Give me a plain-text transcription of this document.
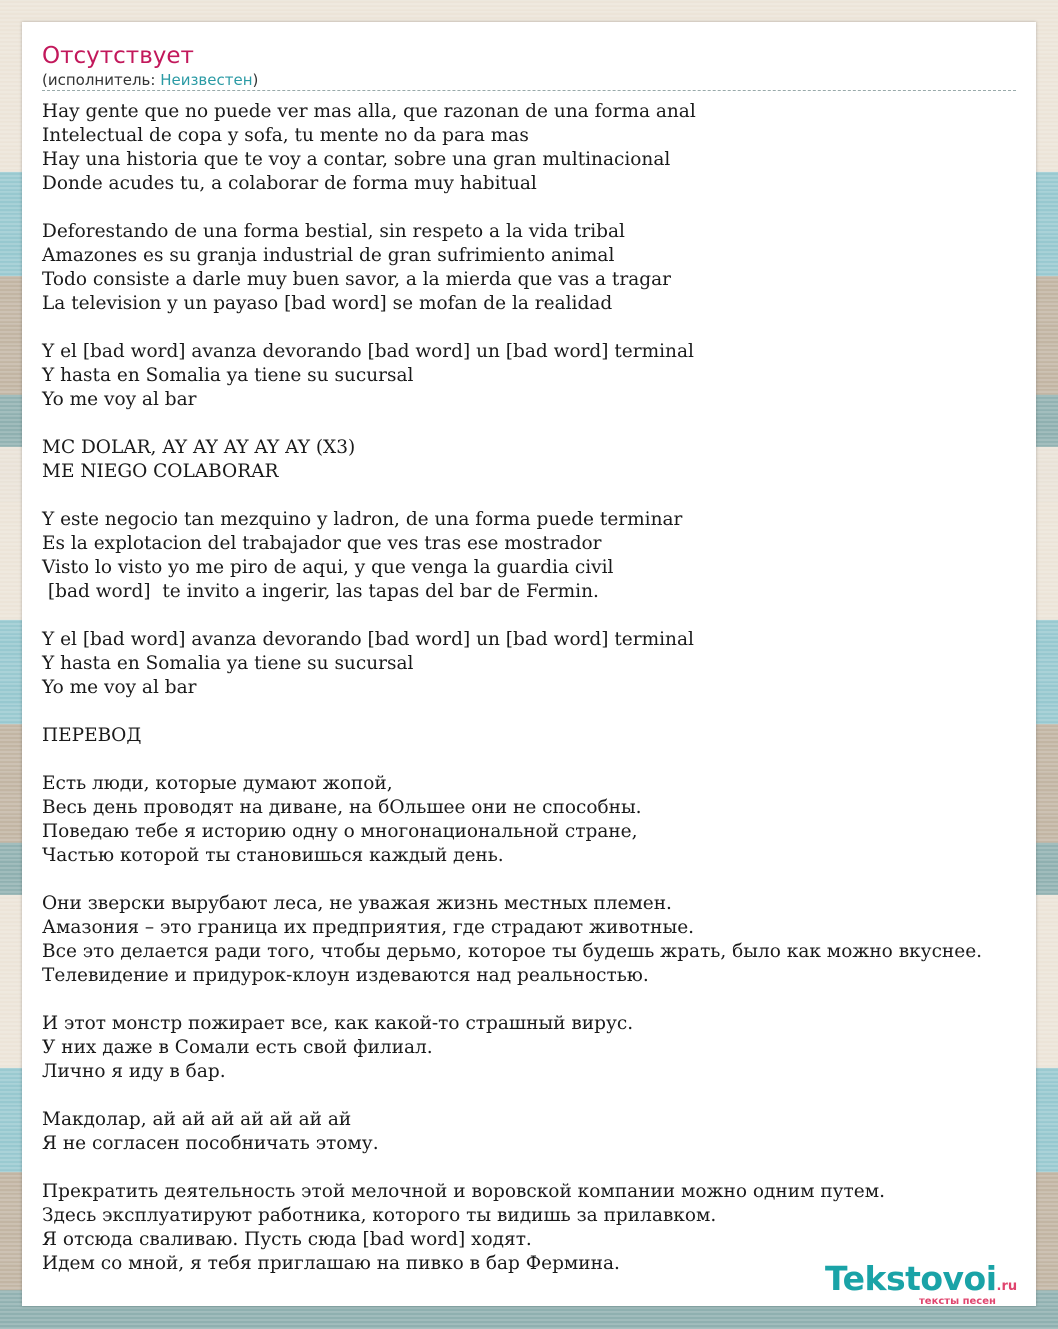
Отсутствует
(исполнитель: Неизвестен)
Hay gente que no puede ver mas alla, que razonan de una forma anal
Intelectual de copa y sofa, tu mente no da para mas
Hay una historia que te voy a contar, sobre una gran multinacional
Donde acudes tu, a colaborar de forma muy habitual

Deforestando de una forma bestial, sin respeto a la vida tribal
Amazones es su granja industrial de gran sufrimiento animal
Todo consiste a darle muy buen savor, a la mierda que vas a tragar
La television y un payaso [bad word] se mofan de la realidad

Y el [bad word] avanza devorando [bad word] un [bad word] terminal
Y hasta en Somalia ya tiene su sucursal
Yo me voy al bar

MC DOLAR, AY AY AY AY AY (X3)
ME NIEGO COLABORAR

Y este negocio tan mezquino y ladron, de una forma puede terminar
Es la explotacion del trabajador que ves tras ese mostrador
Visto lo visto yo me piro de aqui, y que venga la guardia civil
[bad word]  te invito a ingerir, las tapas del bar de Fermin.

Y el [bad word] avanza devorando [bad word] un [bad word] terminal
Y hasta en Somalia ya tiene su sucursal
Yo me voy al bar

ПЕРЕВОД

Есть люди, которые думают жопой,
Весь день проводят на диване, на бОльшее они не способны.
Поведаю тебе я историю одну о многонациональной стране,
Частью которой ты становишься каждый день.

Они зверски вырубают леса, не уважая жизнь местных племен.
Амазония – это граница их предприятия, где страдают животные.
Все это делается ради того, чтобы дерьмо, которое ты будешь жрать, было как можно вкуснее.
Телевидение и придурок-клоун издеваются над реальностью.

И этот монстр пожирает все, как какой-то страшный вирус.
У них даже в Сомали есть свой филиал.
Лично я иду в бар.

Макдолар, ай ай ай ай ай ай ай
Я не согласен пособничать этому.

Прекратить деятельность этой мелочной и воровской компании можно одним путем.
Здесь эксплуатируют работника, которого ты видишь за прилавком.
Я отсюда сваливаю. Пусть сюда [bad word] ходят.
Идем со мной, я тебя приглашаю на пивко в бар Фермина.	Tekstovoi.ru
тексты песен
